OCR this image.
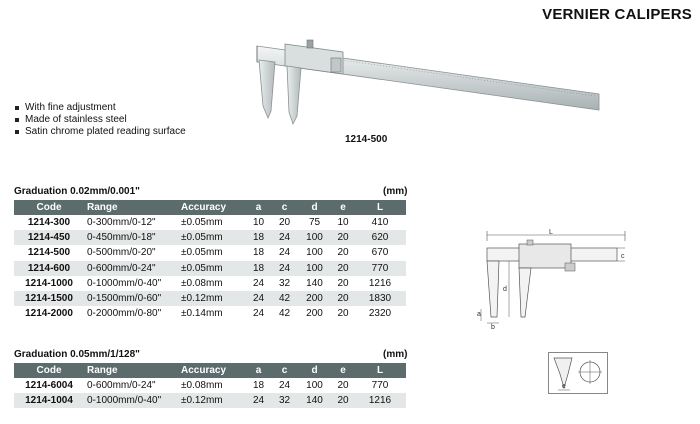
VERNIER CALIPERS
1214-500
With fine adjustment
Made of stainless steel
Satin chrome plated reading surface
Graduation 0.02mm/0.001"	(mm)
Code	Range	Accuracy	a	c	d	e	L
1214-300	0-300mm/0-12"	±0.05mm	10	20	75	10	410
1214-450	0-450mm/0-18"	±0.05mm	18	24	100	20	620
1214-500	0-500mm/0-20"	±0.05mm	18	24	100	20	670
1214-600	0-600mm/0-24"	±0.05mm	18	24	100	20	770
1214-1000	0-1000mm/0-40"	±0.08mm	24	32	140	20	1216
1214-1500	0-1500mm/0-60"	±0.12mm	24	42	200	20	1830
1214-2000	0-2000mm/0-80"	±0.14mm	24	42	200	20	2320
Graduation 0.05mm/1/128"	(mm)
Code	Range	Accuracy	a	c	d	e	L
1214-6004	0-600mm/0-24"	±0.08mm	18	24	100	20	770
1214-1004	0-1000mm/0-40"	±0.12mm	24	32	140	20	1216
L
c
d
a
b
e
